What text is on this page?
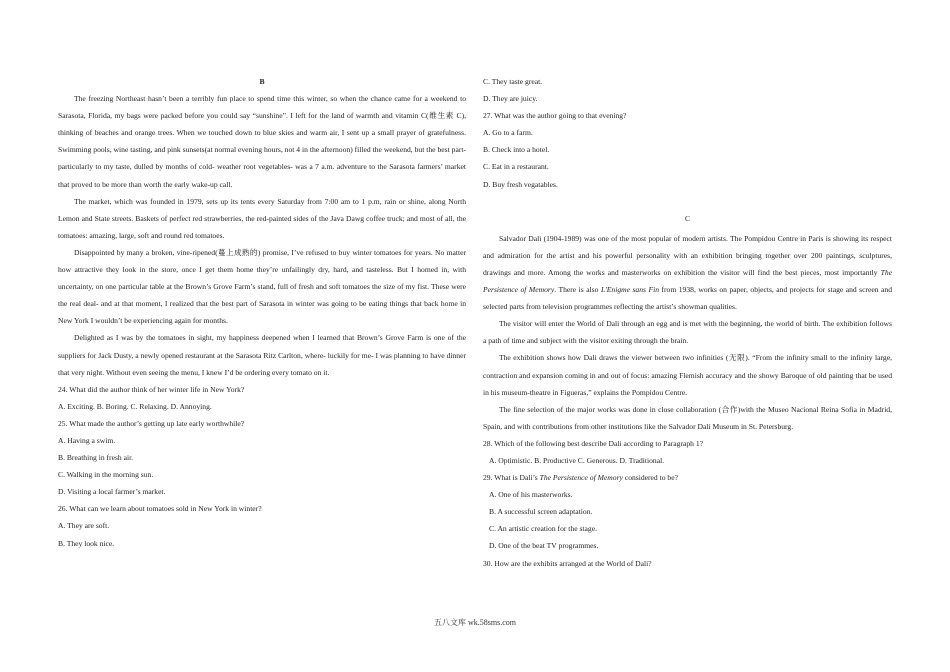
B

The freezing Northeast hasn’t been a terribly fun place to spend time this winter, so when the chance came for a weekend to Sarasota, Florida, my bags were packed before you could say “sunshine”. I left for the land of warmth and vitamin C(维生素 C), thinking of beaches and orange trees. When we touched down to blue skies and warm air, I sent up a small prayer of gratefulness. Swimming pools, wine tasting, and pink sunsets(at normal evening hours, not 4 in the afternoon) filled the weekend, but the best part- particularly to my taste, dulled by months of cold- weather root vegetables- was a 7 a.m. adventure to the Sarasota farmers’ market that proved to be more than worth the early wake-up call.

The market, which was founded in 1979, sets up its tents every Saturday from 7:00 am to 1 p.m, rain or shine, along North Lemon and State streets. Baskets of perfect red strawberries, the red-painted sides of the Java Dawg coffee truck; and most of all, the tomatoes: amazing, large, soft and round red tomatoes.

Disappointed by many a broken, vine-ripened(蔓上成熟的) promise, I’ve refused to buy winter tomatoes for years. No matter how attractive they look in the store, once I get them home they’re unfailingly dry, hard, and tasteless. But I homed in, with uncertainty, on one particular table at the Brown’s Grove Farm’s stand, full of fresh and soft tomatoes the size of my fist. These were the real deal- and at that moment, I realized that the best part of Sarasota in winter was going to be eating things that back home in New York I wouldn’t be experiencing again for months.

Delighted as I was by the tomatoes in sight, my happiness deepened when I learned that Brown’s Grove Farm is one of the suppliers for Jack Dusty, a newly opened restaurant at the Sarasota Ritz Carlton, where- luckily for me- I was planning to have dinner that very night. Without even seeing the menu, I knew I’d be ordering every tomato on it.

24. What did the author think of her winter life in New York?

A. Exciting. B. Boring. C. Relaxing. D. Annoying.

25. What made the author’s getting up late early worthwhile?

A. Having a swim.

B. Breathing in fresh air.

C. Walking in the morning sun.

D. Visiting a local farmer’s market.

26. What can we learn about tomatoes sold in New York in winter?

A. They are soft.

B. They look nice.

C. They taste great.

D. They are juicy.

27. What was the author going to that evening?

A. Go to a farm.

B. Check into a hotel.

C. Eat in a restaurant.

D. Buy fresh vegatables.

C

Salvador Dali (1904-1989) was one of the most popular of modern artists. The Pompidou Centre in Paris is showing its respect and admiration for the artist and his powerful personality with an exhibition bringing together over 200 paintings, sculptures, drawings and more. Among the works and masterworks on exhibition the visitor will find the best pieces, most importantly The Persistence of Memory. There is also L'Enigme sans Fin from 1938, works on paper, objects, and projects for stage and screen and selected parts from television programmes reflecting the artist’s showman qualities.

The visitor will enter the World of Dali through an egg and is met with the beginning, the world of birth. The exhibition follows a path of time and subject with the visitor exiting through the brain.

The exhibition shows how Dali draws the viewer between two infinities (无限). “From the infinity small to the infinity large, contraction and expansion coming in and out of focus: amazing Flemish accuracy and the showy Baroque of old painting that be used in his museum-theatre in Figueras,” explains the Pompidou Centre.

The fine selection of the major works was done in close collaboration (合作)with the Museo Nacional Reina Sofia in Madrid, Spain, and with contributions from other institutions like the Salvador Dali Museum in St. Petersburg.

28. Which of the following best describe Dali according to Paragraph 1?

A. Optimistic. B. Productive C. Generous. D. Traditional.

29. What is Dali’s The Persistence of Memory considered to be?

A. One of his masterworks.

B. A successful screen adaptation.

C. An artistic creation for the stage.

D. One of the beat TV programmes.

30. How are the exhibits arranged at the World of Dali?

五八文库 wk.58sms.com
